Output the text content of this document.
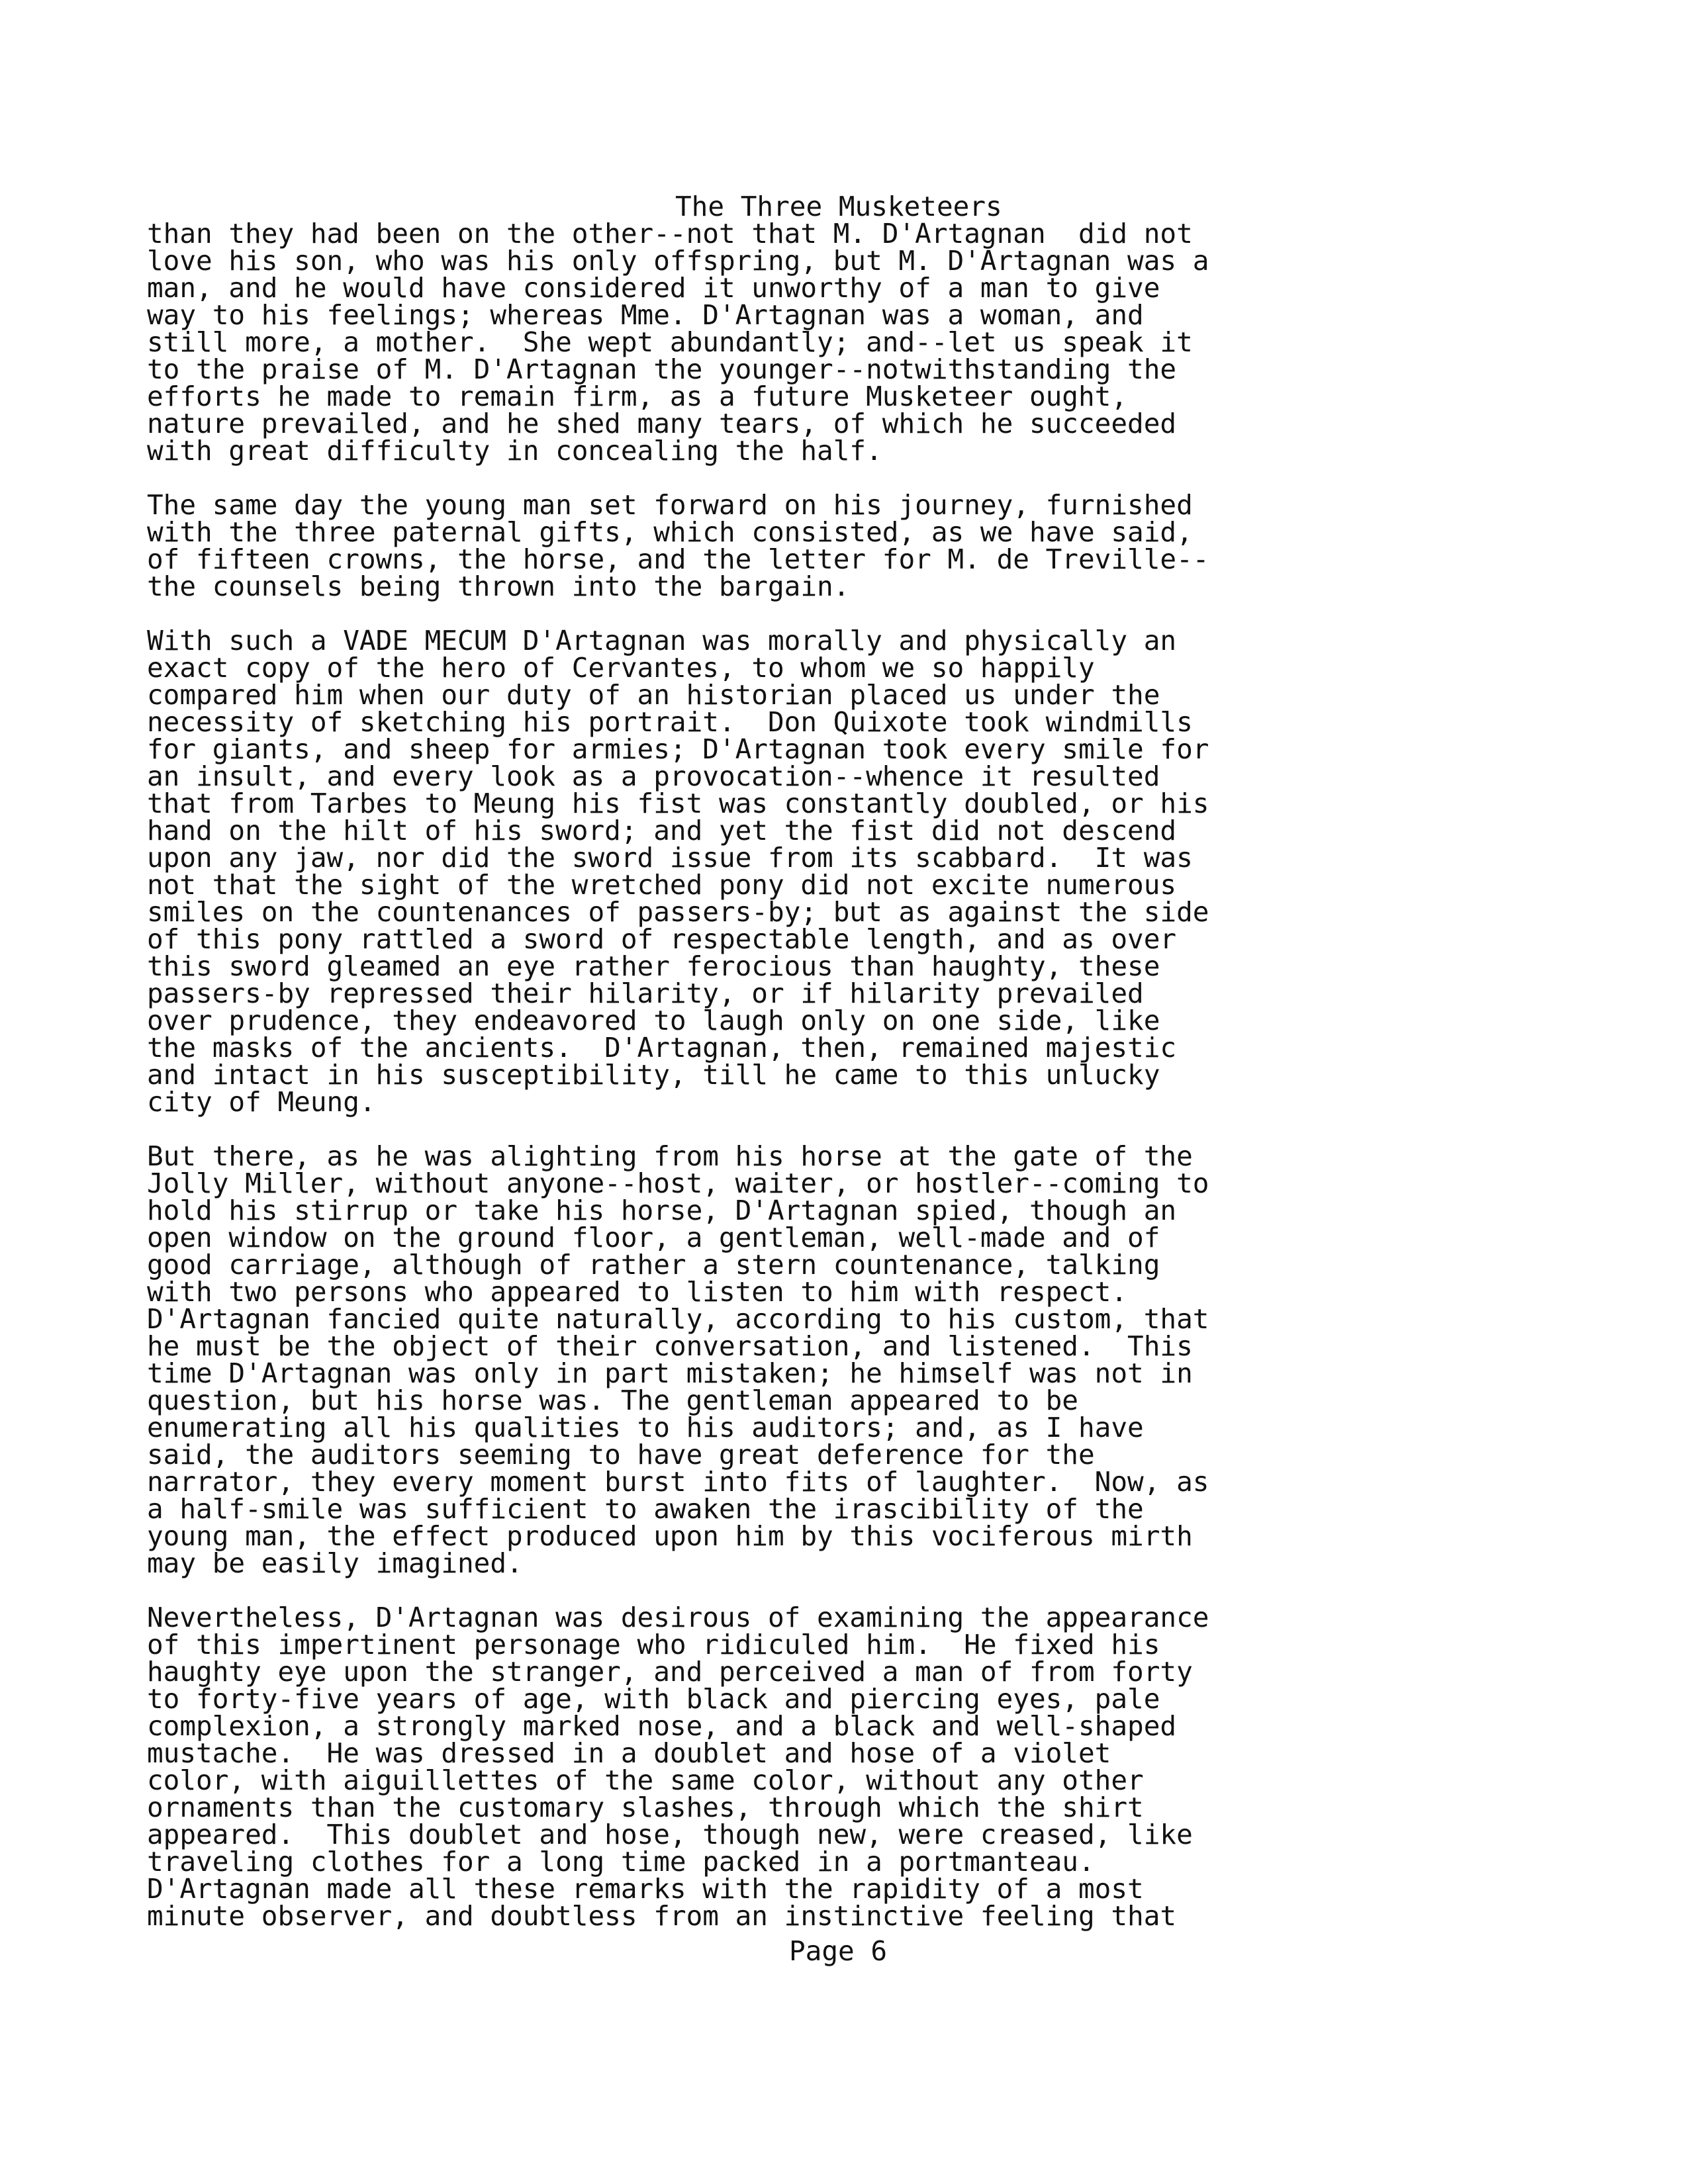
The Three Musketeers
than they had been on the other--not that M. D'Artagnan  did not
love his son, who was his only offspring, but M. D'Artagnan was a
man, and he would have considered it unworthy of a man to give
way to his feelings; whereas Mme. D'Artagnan was a woman, and
still more, a mother.  She wept abundantly; and--let us speak it
to the praise of M. D'Artagnan the younger--notwithstanding the
efforts he made to remain firm, as a future Musketeer ought,
nature prevailed, and he shed many tears, of which he succeeded
with great difficulty in concealing the half.
The same day the young man set forward on his journey, furnished
with the three paternal gifts, which consisted, as we have said,
of fifteen crowns, the horse, and the letter for M. de Treville--
the counsels being thrown into the bargain.
With such a VADE MECUM D'Artagnan was morally and physically an
exact copy of the hero of Cervantes, to whom we so happily
compared him when our duty of an historian placed us under the
necessity of sketching his portrait.  Don Quixote took windmills
for giants, and sheep for armies; D'Artagnan took every smile for
an insult, and every look as a provocation--whence it resulted
that from Tarbes to Meung his fist was constantly doubled, or his
hand on the hilt of his sword; and yet the fist did not descend
upon any jaw, nor did the sword issue from its scabbard.  It was
not that the sight of the wretched pony did not excite numerous
smiles on the countenances of passers-by; but as against the side
of this pony rattled a sword of respectable length, and as over
this sword gleamed an eye rather ferocious than haughty, these
passers-by repressed their hilarity, or if hilarity prevailed
over prudence, they endeavored to laugh only on one side, like
the masks of the ancients.  D'Artagnan, then, remained majestic
and intact in his susceptibility, till he came to this unlucky
city of Meung.
But there, as he was alighting from his horse at the gate of the
Jolly Miller, without anyone--host, waiter, or hostler--coming to
hold his stirrup or take his horse, D'Artagnan spied, though an
open window on the ground floor, a gentleman, well-made and of
good carriage, although of rather a stern countenance, talking
with two persons who appeared to listen to him with respect.
D'Artagnan fancied quite naturally, according to his custom, that
he must be the object of their conversation, and listened.  This
time D'Artagnan was only in part mistaken; he himself was not in
question, but his horse was. The gentleman appeared to be
enumerating all his qualities to his auditors; and, as I have
said, the auditors seeming to have great deference for the
narrator, they every moment burst into fits of laughter.  Now, as
a half-smile was sufficient to awaken the irascibility of the
young man, the effect produced upon him by this vociferous mirth
may be easily imagined.
Nevertheless, D'Artagnan was desirous of examining the appearance
of this impertinent personage who ridiculed him.  He fixed his
haughty eye upon the stranger, and perceived a man of from forty
to forty-five years of age, with black and piercing eyes, pale
complexion, a strongly marked nose, and a black and well-shaped
mustache.  He was dressed in a doublet and hose of a violet
color, with aiguillettes of the same color, without any other
ornaments than the customary slashes, through which the shirt
appeared.  This doublet and hose, though new, were creased, like
traveling clothes for a long time packed in a portmanteau.
D'Artagnan made all these remarks with the rapidity of a most
minute observer, and doubtless from an instinctive feeling that
Page 6
